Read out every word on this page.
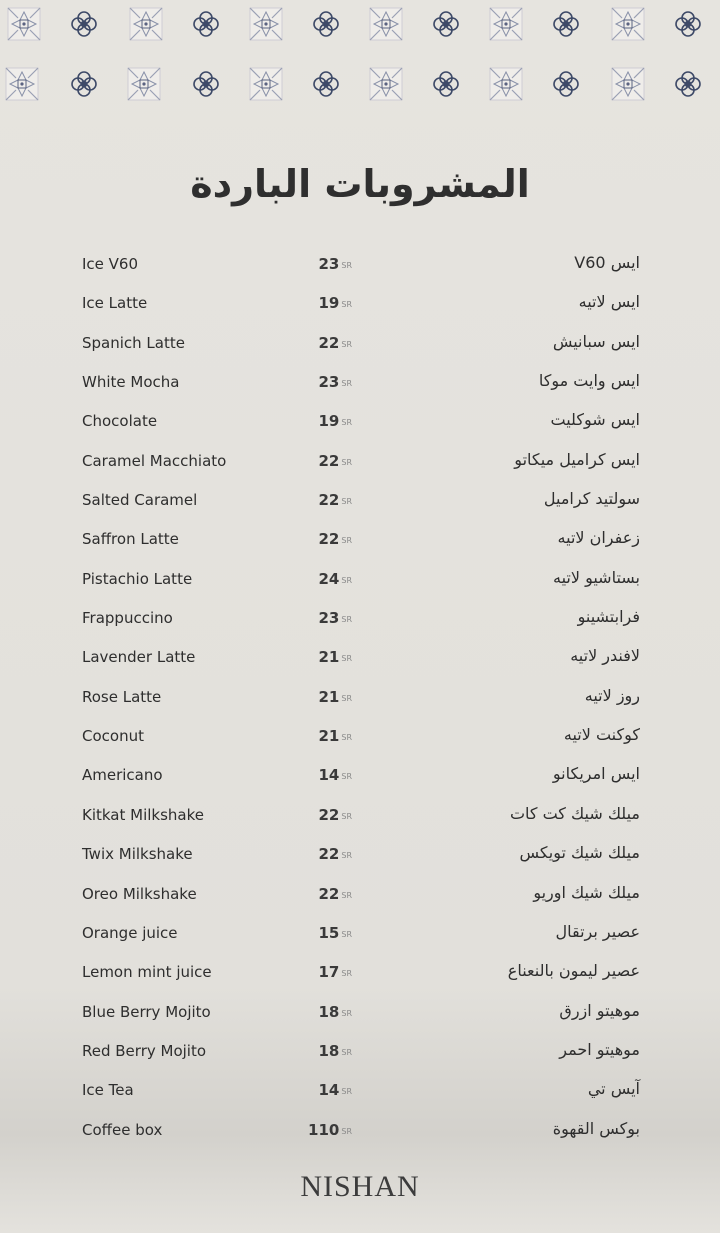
المشروبات الباردة
Ice V60	23 SR	ايس V60
Ice Latte	19 SR	ايس لاتيه
Spanich Latte	22 SR	ايس سبانيش
White Mocha	23 SR	ايس وايت موكا
Chocolate	19 SR	ايس شوكليت
Caramel Macchiato	22 SR	ايس كراميل ميكاتو
Salted Caramel	22 SR	سولتيد كراميل
Saffron Latte	22 SR	زعفران لاتيه
Pistachio Latte	24 SR	بستاشيو لاتيه
Frappuccino	23 SR	فرابتشينو
Lavender Latte	21 SR	لافندر لاتيه
Rose Latte	21 SR	روز لاتيه
Coconut	21 SR	كوكنت لاتيه
Americano	14 SR	ايس امريكانو
Kitkat Milkshake	22 SR	ميلك شيك كت كات
Twix Milkshake	22 SR	ميلك شيك تويكس
Oreo Milkshake	22 SR	ميلك شيك اوريو
Orange juice	15 SR	عصير برتقال
Lemon mint juice	17 SR	عصير ليمون بالنعناع
Blue Berry Mojito	18 SR	موهيتو ازرق
Red Berry Mojito	18 SR	موهيتو احمر
Ice Tea	14 SR	آيس تي
Coffee box	110 SR	بوكس القهوة
NISHAN
